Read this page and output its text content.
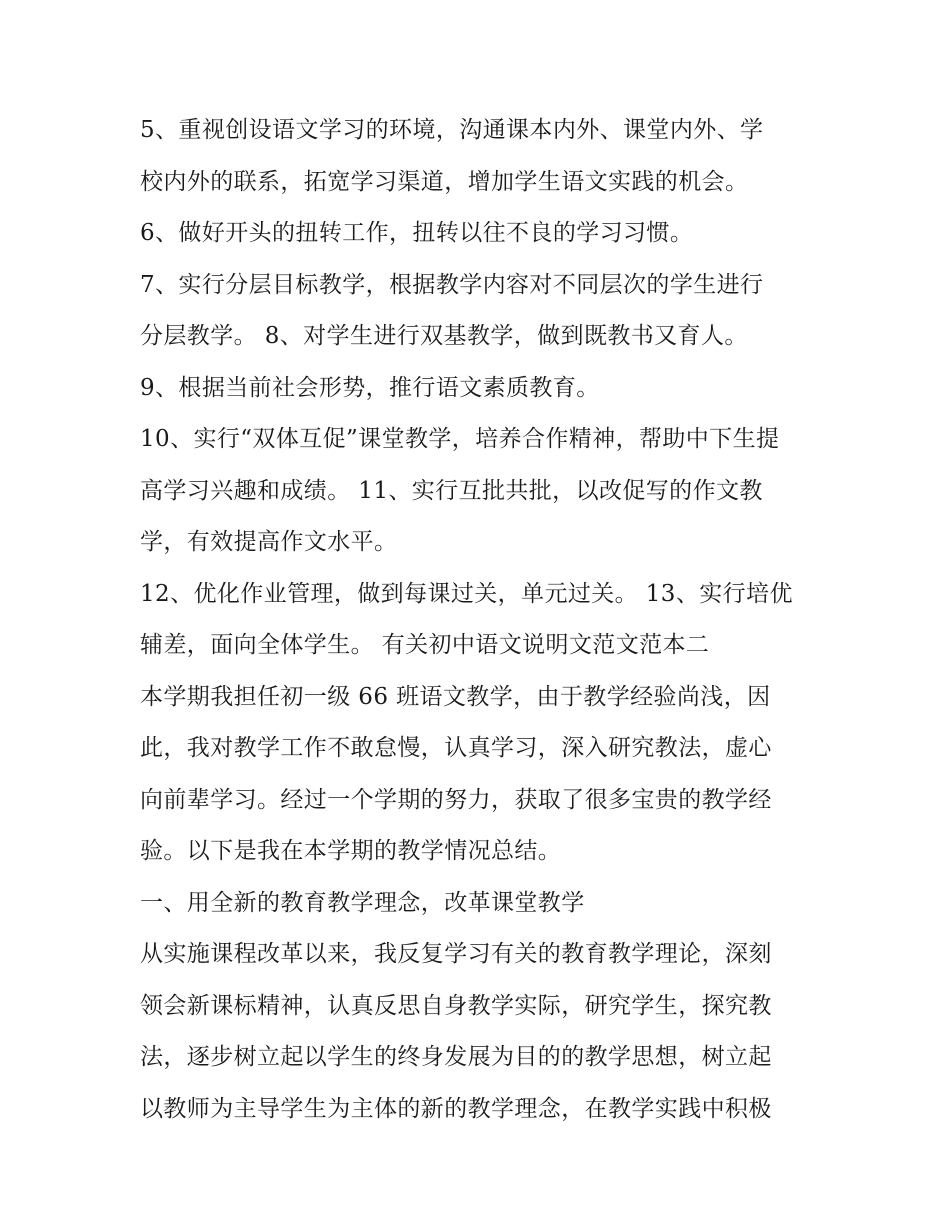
5、重视创设语文学习的环境，沟通课本内外、课堂内外、学
校内外的联系，拓宽学习渠道，增加学生语文实践的机会。
6、做好开头的扭转工作，扭转以往不良的学习习惯。
7、实行分层目标教学，根据教学内容对不同层次的学生进行
分层教学。 8、对学生进行双基教学，做到既教书又育人。
9、根据当前社会形势，推行语文素质教育。
10、实行“双体互促”课堂教学，培养合作精神，帮助中下生提
高学习兴趣和成绩。 11、实行互批共批，以改促写的作文教
学，有效提高作文水平。
12、优化作业管理，做到每课过关，单元过关。 13、实行培优
辅差，面向全体学生。 有关初中语文说明文范文范本二
本学期我担任初一级 66 班语文教学，由于教学经验尚浅，因
此，我对教学工作不敢怠慢，认真学习，深入研究教法，虚心
向前辈学习。经过一个学期的努力，获取了很多宝贵的教学经
验。以下是我在本学期的教学情况总结。
一、用全新的教育教学理念，改革课堂教学
从实施课程改革以来，我反复学习有关的教育教学理论，深刻
领会新课标精神，认真反思自身教学实际，研究学生，探究教
法，逐步树立起以学生的终身发展为目的的教学思想，树立起
以教师为主导学生为主体的新的教学理念，在教学实践中积极
